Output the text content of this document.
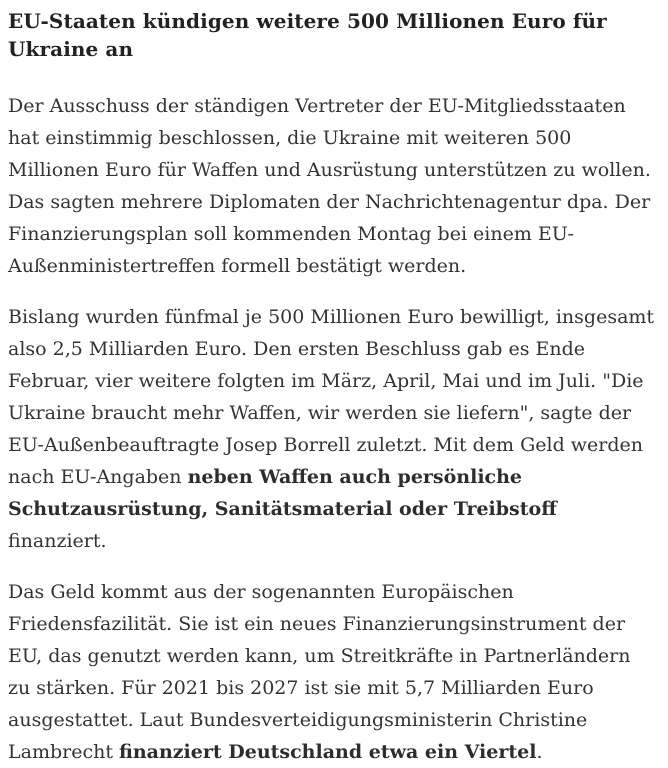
EU-Staaten kündigen weitere 500 Millionen Euro für Ukraine an

Der Ausschuss der ständigen Vertreter der EU-Mitgliedsstaaten hat einstimmig beschlossen, die Ukraine mit weiteren 500 Millionen Euro für Waffen und Ausrüstung unterstützen zu wollen. Das sagten mehrere Diplomaten der Nachrichtenagentur dpa. Der Finanzierungsplan soll kommenden Montag bei einem EU-Außenministertreffen formell bestätigt werden.

Bislang wurden fünfmal je 500 Millionen Euro bewilligt, insgesamt also 2,5 Milliarden Euro. Den ersten Beschluss gab es Ende Februar, vier weitere folgten im März, April, Mai und im Juli. "Die Ukraine braucht mehr Waffen, wir werden sie liefern", sagte der EU-Außenbeauftragte Josep Borrell zuletzt. Mit dem Geld werden nach EU-Angaben neben Waffen auch persönliche Schutzausrüstung, Sanitätsmaterial oder Treibstoff finanziert.

Das Geld kommt aus der sogenannten Europäischen Friedensfazilität. Sie ist ein neues Finanzierungsinstrument der EU, das genutzt werden kann, um Streitkräfte in Partnerländern zu stärken. Für 2021 bis 2027 ist sie mit 5,7 Milliarden Euro ausgestattet. Laut Bundesverteidigungsministerin Christine Lambrecht finanziert Deutschland etwa ein Viertel.
